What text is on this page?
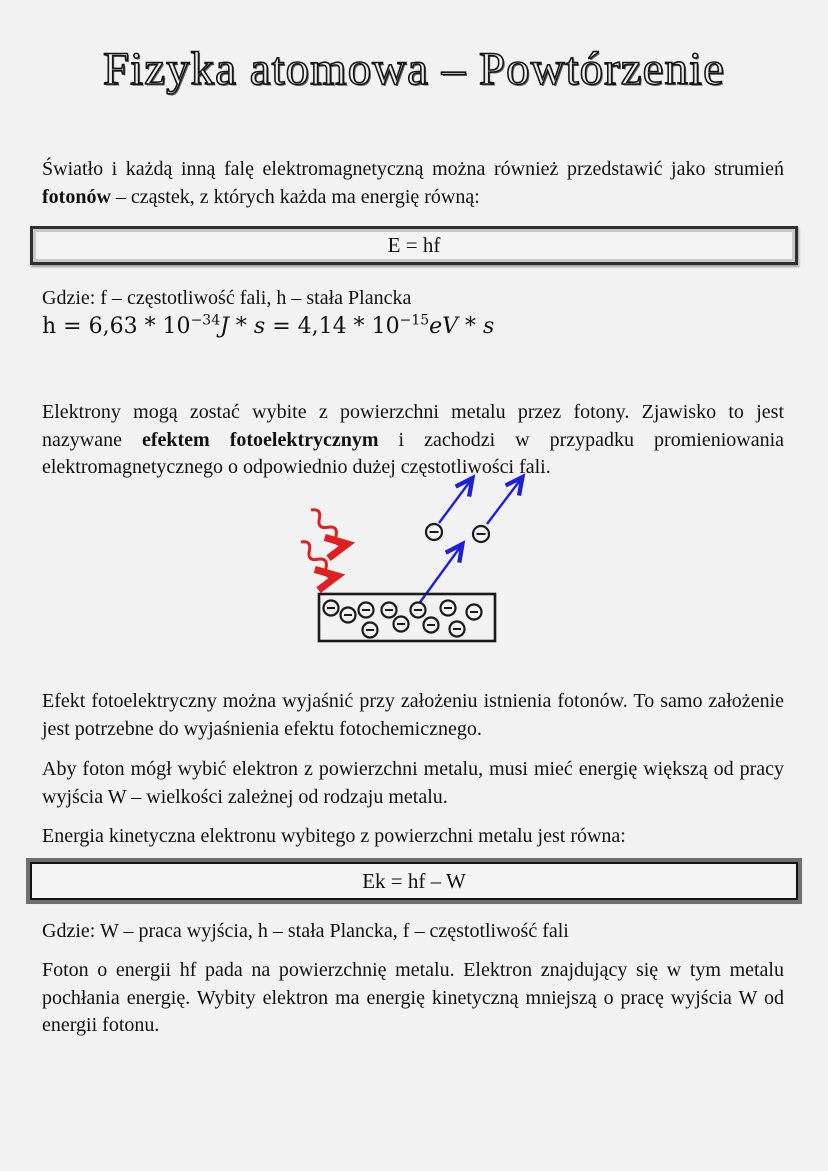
Fizyka atomowa – Powtórzenie
Światło i każdą inną falę elektromagnetyczną można również przedstawić jako strumień fotonów – cząstek, z których każda ma energię równą:
E = hf
Gdzie: f – częstotliwość fali, h – stała Plancka
$h = 6,63 * 10^{-34}J * s = 4,14 * 10^{-15}eV * s$
Elektrony mogą zostać wybite z powierzchni metalu przez fotony. Zjawisko to jest nazywane efektem fotoelektrycznym i zachodzi w przypadku promieniowania elektromagnetycznego o odpowiednio dużej częstotliwości fali.
Efekt fotoelektryczny można wyjaśnić przy założeniu istnienia fotonów. To samo założenie jest potrzebne do wyjaśnienia efektu fotochemicznego.
Aby foton mógł wybić elektron z powierzchni metalu, musi mieć energię większą od pracy wyjścia W – wielkości zależnej od rodzaju metalu.
Energia kinetyczna elektronu wybitego z powierzchni metalu jest równa:
Ek = hf – W
Gdzie: W – praca wyjścia, h – stała Plancka, f – częstotliwość fali
Foton o energii hf pada na powierzchnię metalu. Elektron znajdujący się w tym metalu pochłania energię. Wybity elektron ma energię kinetyczną mniejszą o pracę wyjścia W od energii fotonu.
